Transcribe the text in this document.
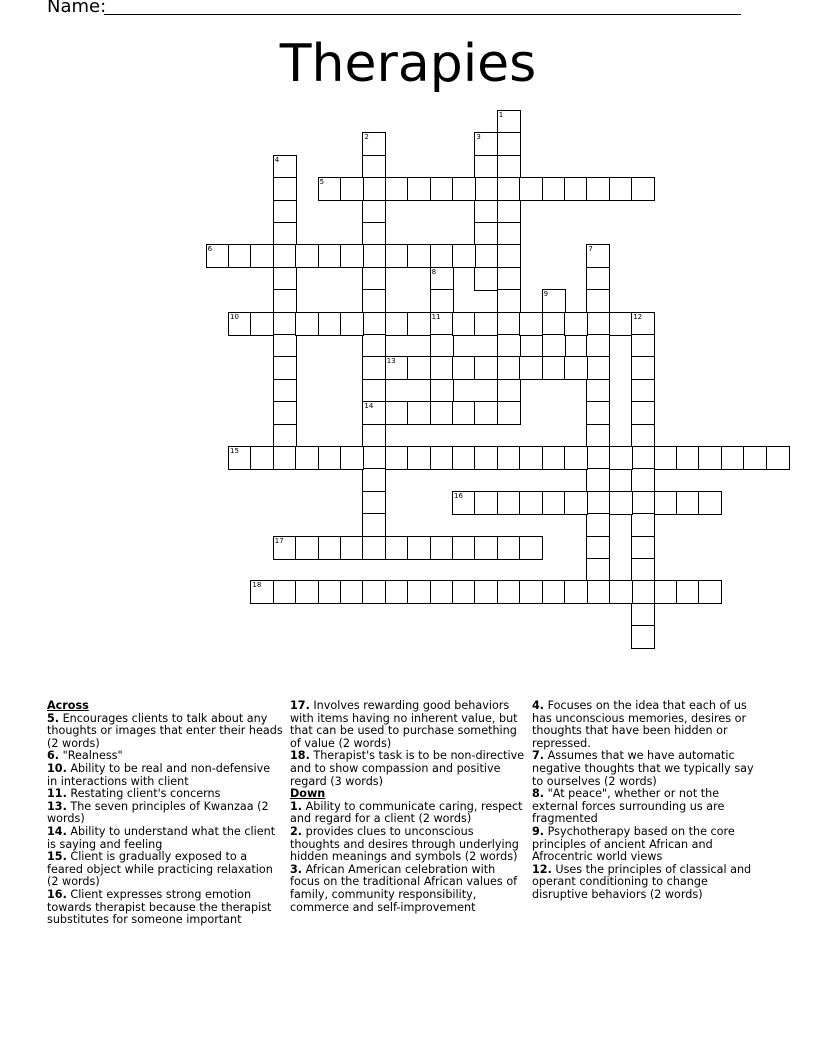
Name:
Therapies
1
2	3
4
5
6	7
8
9
10	11	12
13
14
15
16
17
18
Across
5. Encourages clients to talk about any thoughts or images that enter their heads (2 words)
6. "Realness"
10. Ability to be real and non-defensive in interactions with client
11. Restating client's concerns
13. The seven principles of Kwanzaa (2 words)
14. Ability to understand what the client is saying and feeling
15. Client is gradually exposed to a feared object while practicing relaxation (2 words)
16. Client expresses strong emotion towards therapist because the therapist substitutes for someone important
17. Involves rewarding good behaviors with items having no inherent value, but that can be used to purchase something of value (2 words)
18. Therapist's task is to be non-directive and to show compassion and positive regard (3 words)
Down
1. Ability to communicate caring, respect and regard for a client (2 words)
2. provides clues to unconscious thoughts and desires through underlying hidden meanings and symbols (2 words)
3. African American celebration with focus on the traditional African values of family, community responsibility, commerce and self-improvement
4. Focuses on the idea that each of us has unconscious memories, desires or thoughts that have been hidden or repressed.
7. Assumes that we have automatic negative thoughts that we typically say to ourselves (2 words)
8. "At peace", whether or not the external forces surrounding us are fragmented
9. Psychotherapy based on the core principles of ancient African and Afrocentric world views
12. Uses the principles of classical and operant conditioning to change disruptive behaviors (2 words)
